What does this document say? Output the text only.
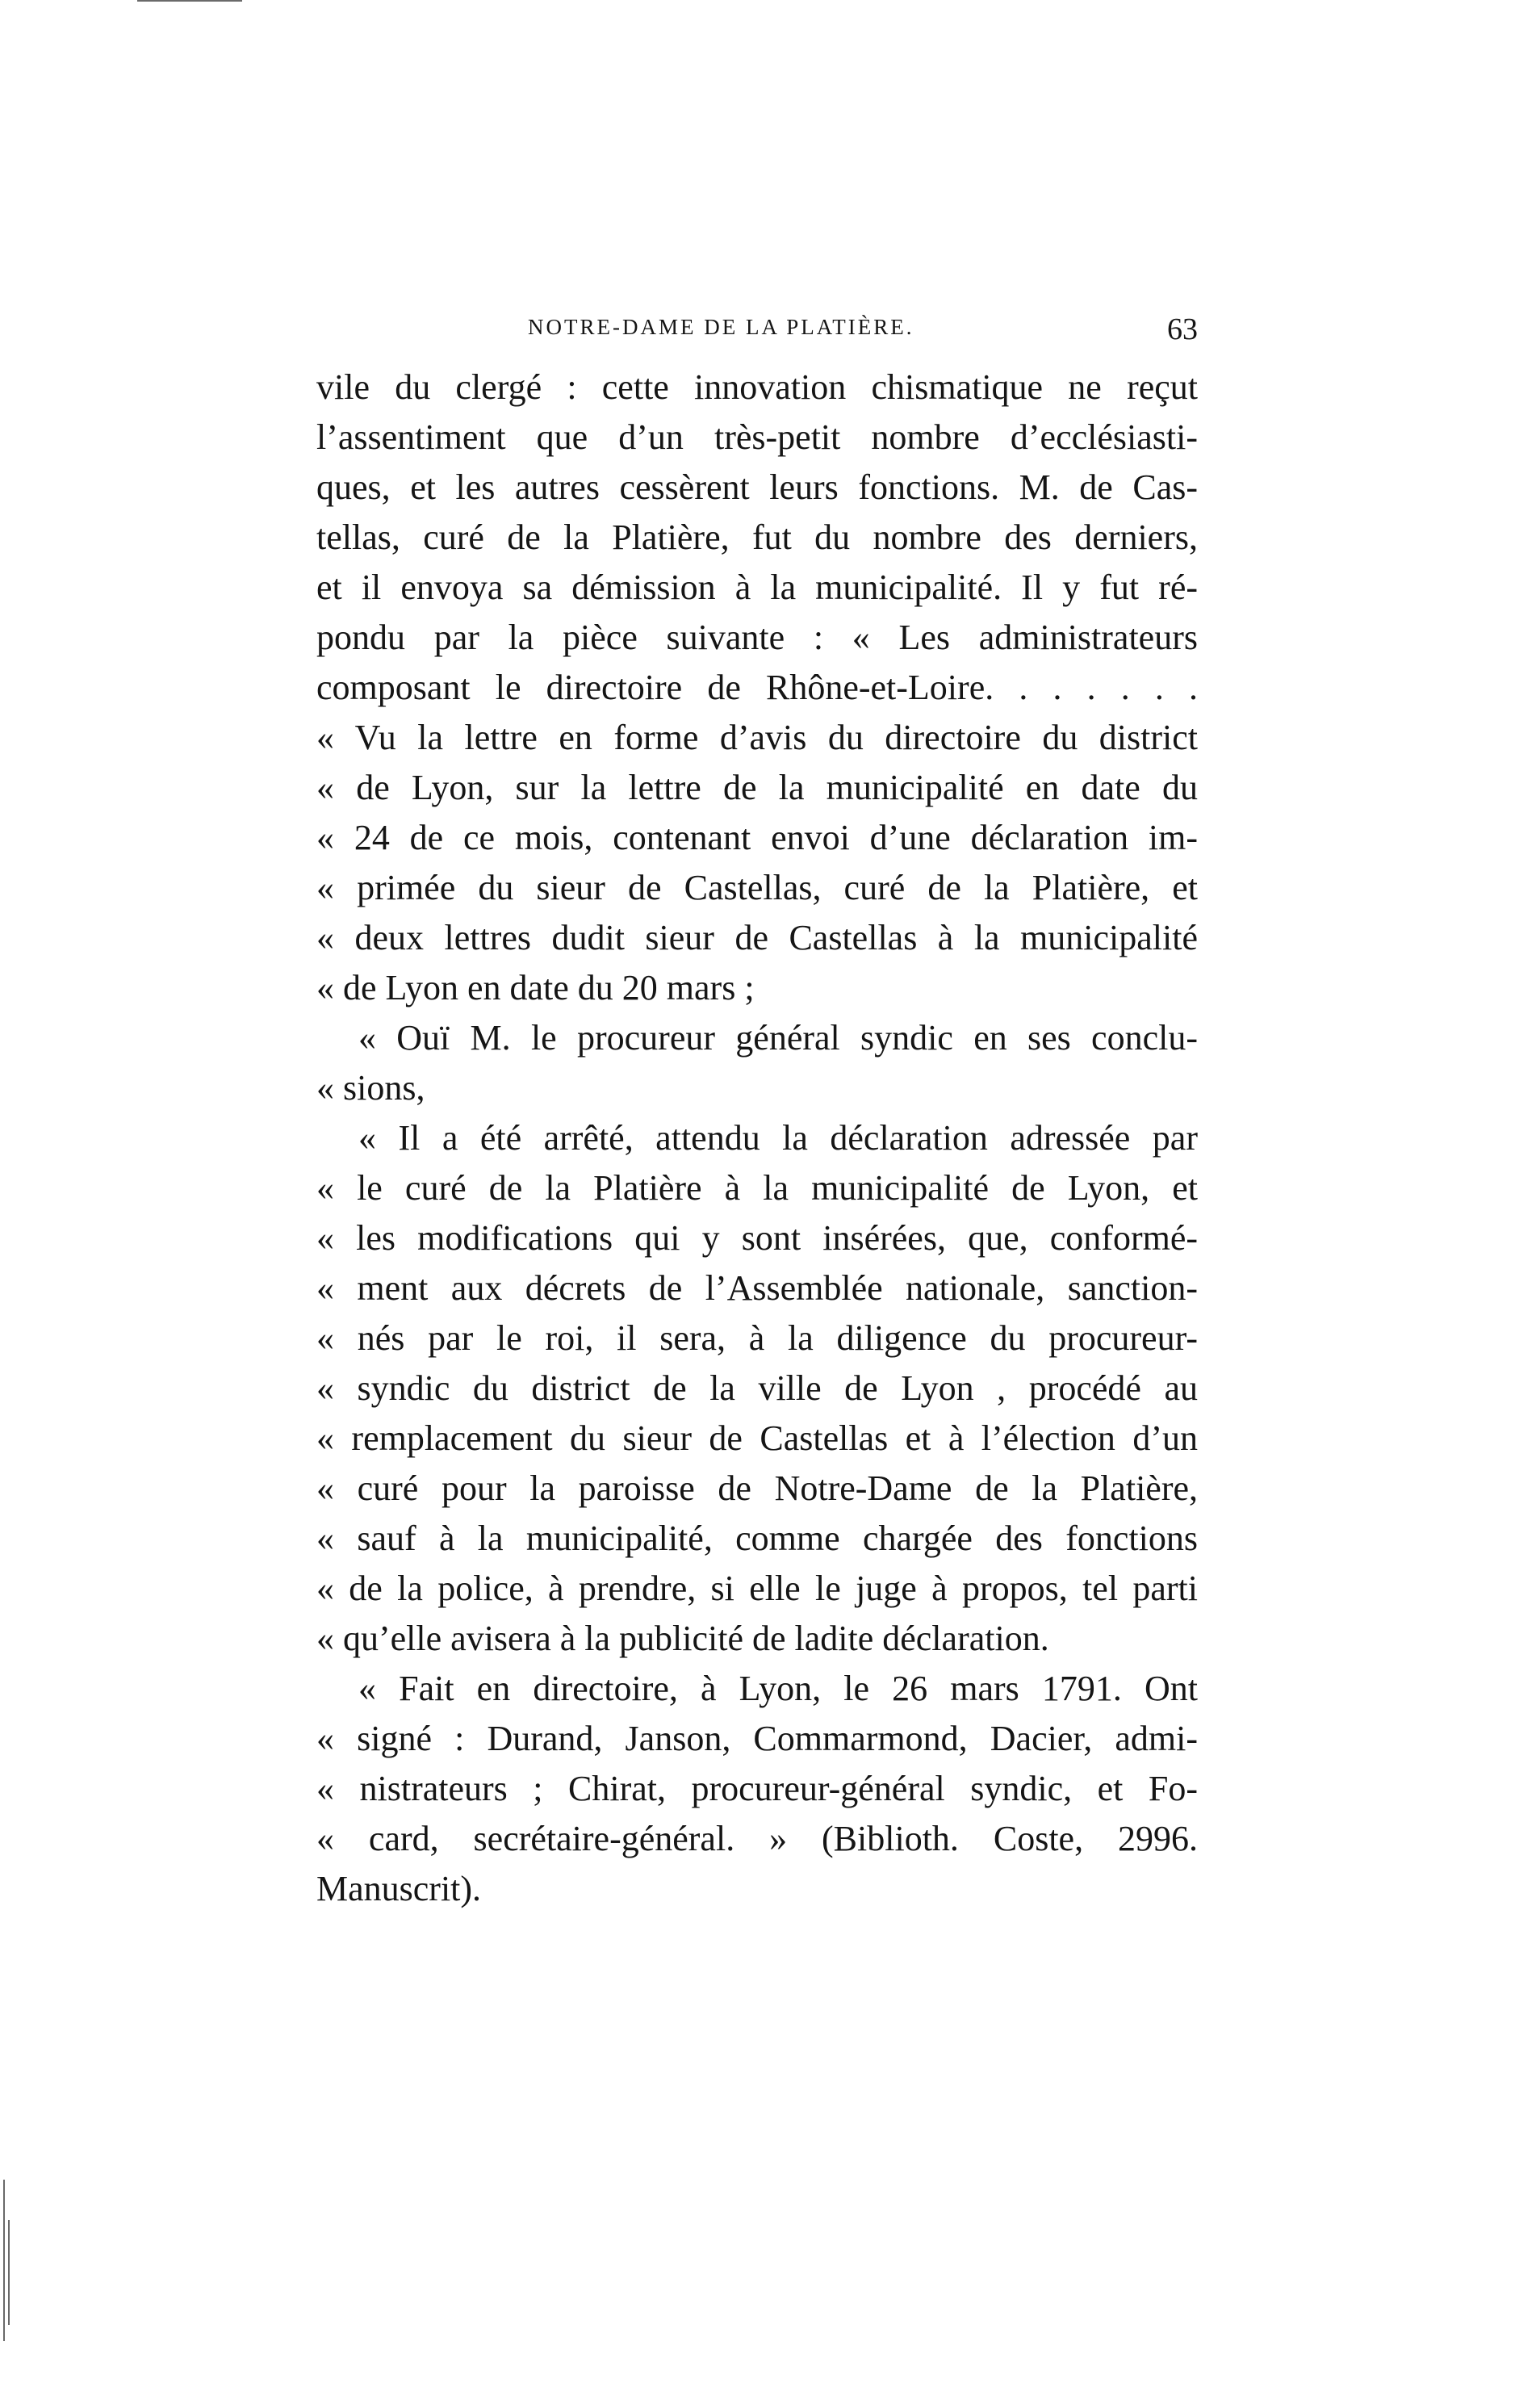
NOTRE-DAME DE LA PLATIÈRE.	63
vile du clergé : cette innovation chismatique ne reçut
l’assentiment que d’un très-petit nombre d’ecclésiasti-
ques, et les autres cessèrent leurs fonctions. M. de Cas-
tellas, curé de la Platière, fut du nombre des derniers,
et il envoya sa démission à la municipalité. Il y fut ré-
pondu par la pièce suivante : « Les administrateurs
composant le directoire de Rhône-et-Loire. . . . . . .
« Vu la lettre en forme d’avis du directoire du district
« de Lyon, sur la lettre de la municipalité en date du
« 24 de ce mois, contenant envoi d’une déclaration im-
« primée du sieur de Castellas, curé de la Platière, et
« deux lettres dudit sieur de Castellas à la municipalité
« de Lyon en date du 20 mars ;
« Ouï M. le procureur général syndic en ses conclu-
« sions,
« Il a été arrêté, attendu la déclaration adressée par
« le curé de la Platière à la municipalité de Lyon, et
« les modifications qui y sont insérées, que, conformé-
« ment aux décrets de l’Assemblée nationale, sanction-
« nés par le roi, il sera, à la diligence du procureur-
« syndic du district de la ville de Lyon , procédé au
« remplacement du sieur de Castellas et à l’élection d’un
« curé pour la paroisse de Notre-Dame de la Platière,
« sauf à la municipalité, comme chargée des fonctions
« de la police, à prendre, si elle le juge à propos, tel parti
« qu’elle avisera à la publicité de ladite déclaration.
« Fait en directoire, à Lyon, le 26 mars 1791. Ont
« signé : Durand, Janson, Commarmond, Dacier, admi-
« nistrateurs ; Chirat, procureur-général syndic, et Fo-
« card, secrétaire-général. » (Biblioth. Coste, 2996.
Manuscrit).
